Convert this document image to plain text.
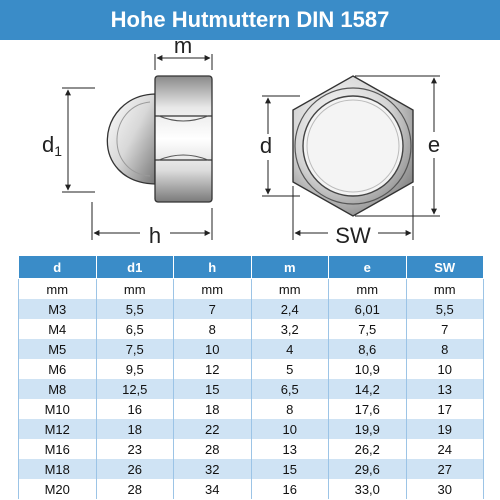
Hohe Hutmuttern DIN 1587
m
d1
h
d	e
SW
d	d1	h	m	e	SW
mm	mm	mm	mm	mm	mm
M3	5,5	7	2,4	6,01	5,5
M4	6,5	8	3,2	7,5	7
M5	7,5	10	4	8,6	8
M6	9,5	12	5	10,9	10
M8	12,5	15	6,5	14,2	13
M10	16	18	8	17,6	17
M12	18	22	10	19,9	19
M16	23	28	13	26,2	24
M18	26	32	15	29,6	27
M20	28	34	16	33,0	30
